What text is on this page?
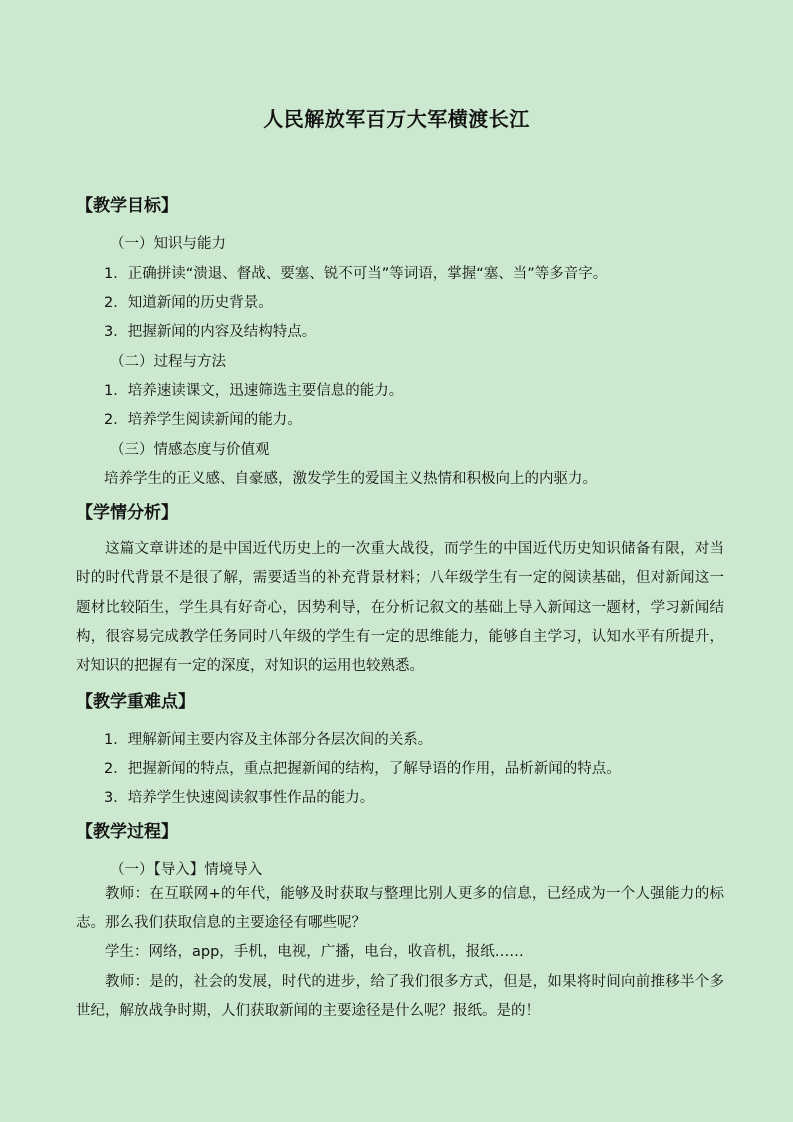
人民解放军百万大军横渡长江
【教学目标】
（一）知识与能力
1．正确拼读“溃退、督战、要塞、锐不可当”等词语，掌握“塞、当”等多音字。
2．知道新闻的历史背景。
3．把握新闻的内容及结构特点。
（二）过程与方法
1．培养速读课文，迅速筛选主要信息的能力。
2．培养学生阅读新闻的能力。
（三）情感态度与价值观
培养学生的正义感、自豪感，激发学生的爱国主义热情和积极向上的内驱力。
【学情分析】
这篇文章讲述的是中国近代历史上的一次重大战役，而学生的中国近代历史知识储备有限，对当时的时代背景不是很了解，需要适当的补充背景材料；八年级学生有一定的阅读基础，但对新闻这一题材比较陌生，学生具有好奇心，因势利导，在分析记叙文的基础上导入新闻这一题材，学习新闻结构，很容易完成教学任务同时八年级的学生有一定的思维能力，能够自主学习，认知水平有所提升，对知识的把握有一定的深度，对知识的运用也较熟悉。
【教学重难点】
1．理解新闻主要内容及主体部分各层次间的关系。
2．把握新闻的特点，重点把握新闻的结构，了解导语的作用，品析新闻的特点。
3．培养学生快速阅读叙事性作品的能力。
【教学过程】
（一）【导入】情境导入
教师：在互联网+的年代，能够及时获取与整理比别人更多的信息，已经成为一个人强能力的标志。那么我们获取信息的主要途径有哪些呢？
学生：网络，app，手机，电视，广播，电台，收音机，报纸……
教师：是的，社会的发展，时代的进步，给了我们很多方式，但是，如果将时间向前推移半个多世纪，解放战争时期，人们获取新闻的主要途径是什么呢？报纸。是的！
